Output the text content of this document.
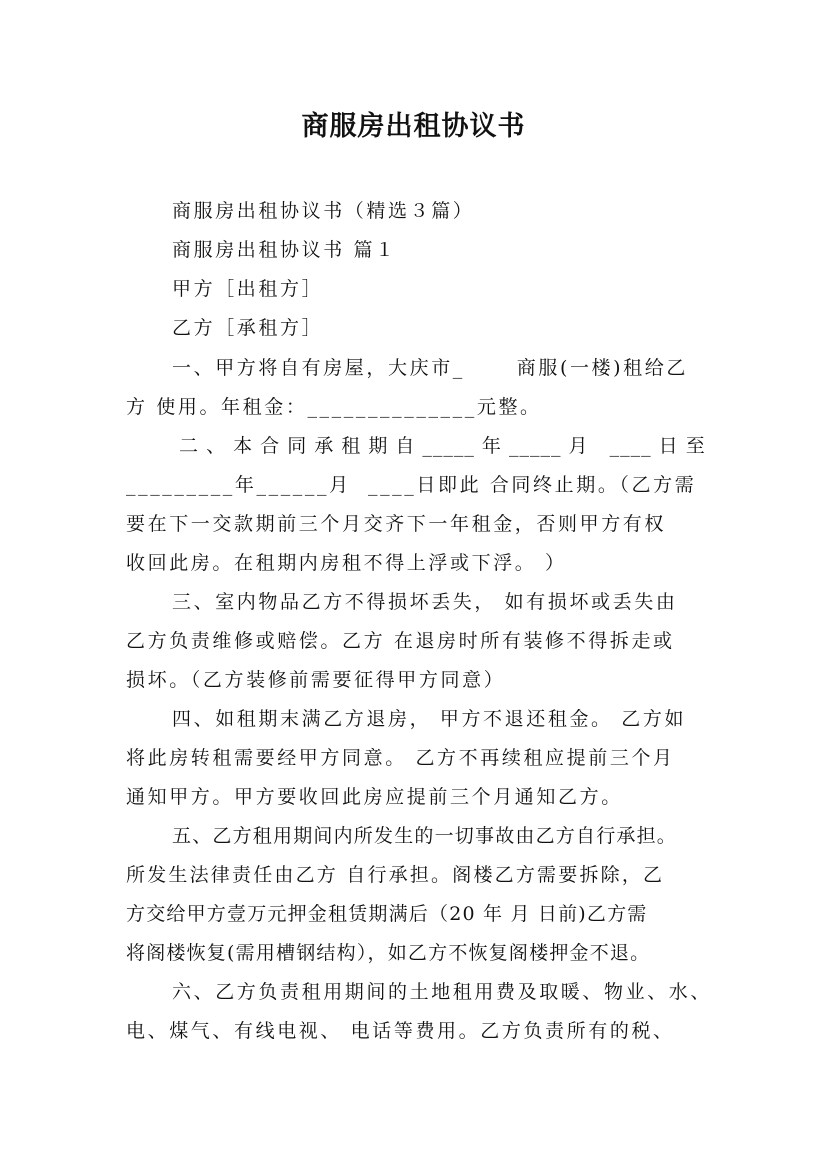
商服房出租协议书
商服房出租协议书（精选３篇）
商服房出租协议书 篇１
甲方［出租方］
乙方［承租方］
一、甲方将自有房屋，大庆市_      商服(一楼)租给乙
方 使用。年租金：______________元整。
二 、 本 合 同 承 租 期 自 _____ 年 _____ 月   ____ 日 至
_________年______月  ____日即此 合同终止期。（乙方需
要在下一交款期前三个月交齐下一年租金，否则甲方有权
收回此房。在租期内房租不得上浮或下浮。 ）
三、室内物品乙方不得损坏丢失， 如有损坏或丢失由
乙方负责维修或赔偿。乙方 在退房时所有装修不得拆走或
损坏。（乙方装修前需要征得甲方同意）
四、如租期末满乙方退房， 甲方不退还租金。 乙方如
将此房转租需要经甲方同意。 乙方不再续租应提前三个月
通知甲方。甲方要收回此房应提前三个月通知乙方。
五、乙方租用期间内所发生的一切事故由乙方自行承担。
所发生法律责任由乙方 自行承担。阁楼乙方需要拆除，乙
方交给甲方壹万元押金租赁期满后（20 年 月 日前)乙方需
将阁楼恢复(需用槽钢结构），如乙方不恢复阁楼押金不退。
六、乙方负责租用期间的土地租用费及取暖、物业、水、
电、煤气、有线电视、 电话等费用。乙方负责所有的税、
